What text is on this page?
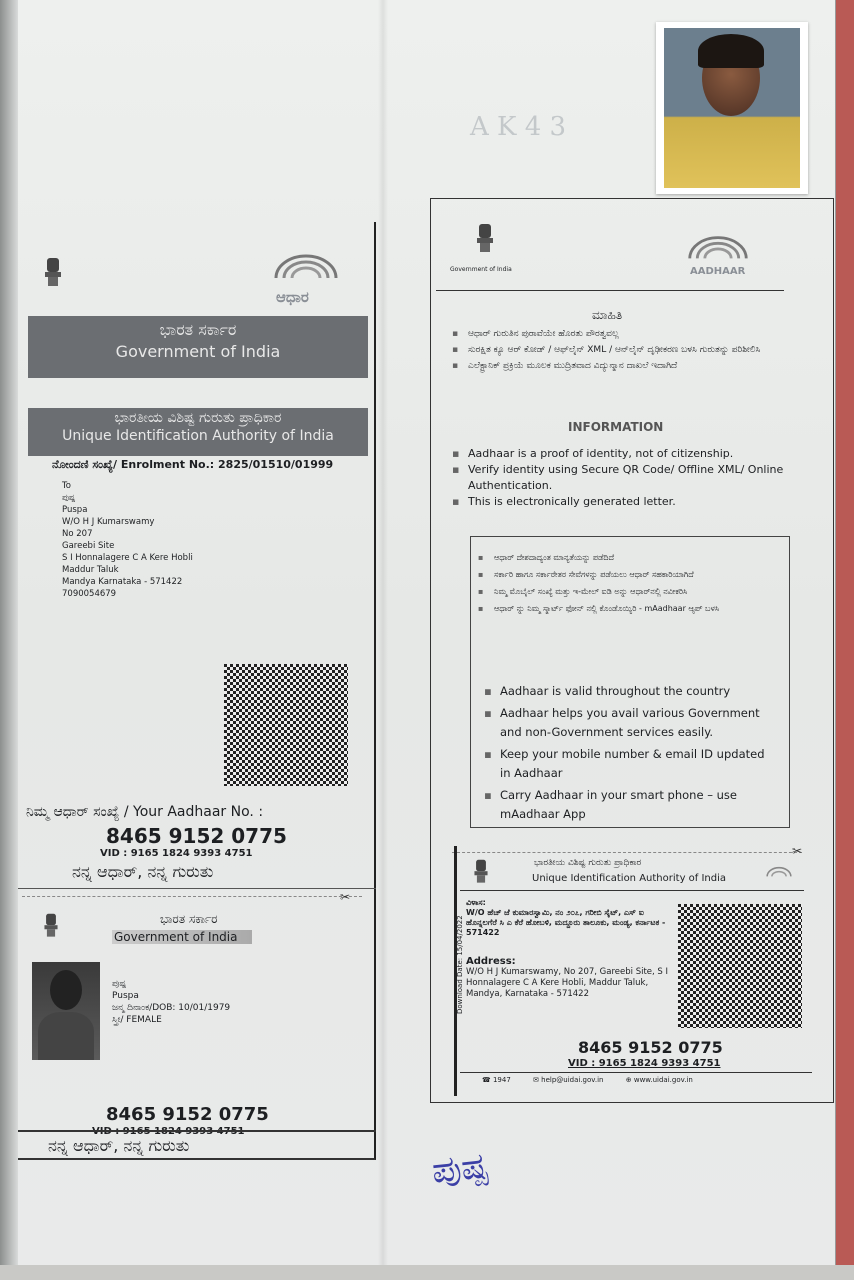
A K 4 3
ಆಧಾರ
ಭಾರತ ಸರ್ಕಾರ
Government of India
ಭಾರತೀಯ ವಿಶಿಷ್ಟ ಗುರುತು ಪ್ರಾಧಿಕಾರ
Unique Identification Authority of India
ನೋಂದಣಿ ಸಂಖ್ಯೆ/ Enrolment No.: 2825/01510/01999
To
ಪುಷ್ಪ
Puspa
W/O H J Kumarswamy
No 207
Gareebi Site
S I Honnalagere C A Kere Hobli
Maddur Taluk
Mandya Karnataka - 571422
7090054679
ನಿಮ್ಮ ಆಧಾರ್ ಸಂಖ್ಯೆ / Your Aadhaar No. :
8465 9152 0775
VID : 9165 1824 9393 4751
ನನ್ನ ಆಧಾರ್, ನನ್ನ ಗುರುತು
✂
ಭಾರತ ಸರ್ಕಾರ
Government of India
ಪುಷ್ಪ
Puspa
ಜನ್ಮ ದಿನಾಂಕ/DOB: 10/01/1979
ಸ್ತ್ರೀ/ FEMALE
8465 9152 0775
VID : 9165 1824 9393 4751
ನನ್ನ ಆಧಾರ್, ನನ್ನ ಗುರುತು
Government of India	AADHAAR
ಮಾಹಿತಿ
▪ ಆಧಾರ್ ಗುರುತಿನ ಪುರಾವೆಯೇ ಹೊರತು ಪೌರತ್ವವಲ್ಲ
▪ ಸುರಕ್ಷಿತ ಕ್ಯೂ ಆರ್ ಕೋಡ್ / ಆಫ್‌ಲೈನ್ XML / ಆನ್‌ಲೈನ್ ದೃಢೀಕರಣ ಬಳಸಿ ಗುರುತನ್ನು ಪರಿಶೀಲಿಸಿ
▪ ಎಲೆಕ್ಟ್ರಾನಿಕ್ ಪ್ರಕ್ರಿಯೆ ಮೂಲಕ ಮುದ್ರಿತವಾದ ವಿದ್ಯುನ್ಮಾನ ದಾಖಲೆ ಇದಾಗಿದೆ
INFORMATION
▪ Aadhaar is a proof of identity, not of citizenship.
▪ Verify identity using Secure QR Code/ Offline XML/ Online Authentication.
▪ This is electronically generated letter.
▪ ಆಧಾರ್ ದೇಶದಾದ್ಯಂತ ಮಾನ್ಯತೆಯನ್ನು ಪಡೆದಿದೆ
▪ ಸರ್ಕಾರಿ ಹಾಗೂ ಸರ್ಕಾರೇತರ ಸೇವೆಗಳನ್ನು ಪಡೆಯಲು ಆಧಾರ್ ಸಹಕಾರಿಯಾಗಿದೆ
▪ ನಿಮ್ಮ ಮೊಬೈಲ್ ಸಂಖ್ಯೆ ಮತ್ತು ಇ-ಮೇಲ್ ಐಡಿ ಅನ್ನು ಆಧಾರ್‌ನಲ್ಲಿ ನವೀಕರಿಸಿ
▪ ಆಧಾರ್ ನ್ನು ನಿಮ್ಮ ಸ್ಮಾರ್ಟ್ ಫೋನ್ ನಲ್ಲಿ ಕೊಂಡೊಯ್ಯಿರಿ - mAadhaar ಆ್ಯಪ್ ಬಳಸಿ
▪ Aadhaar is valid throughout the country
▪ Aadhaar helps you avail various Government and non-Government services easily.
▪ Keep your mobile number & email ID updated in Aadhaar
▪ Carry Aadhaar in your smart phone – use mAadhaar App
✂
ಭಾರತೀಯ ವಿಶಿಷ್ಟ ಗುರುತು ಪ್ರಾಧಿಕಾರ
Unique Identification Authority of India
Download Date: 15/04/2022
ವಿಳಾಸ:
W/O ಹೆಚ್ ಜೆ ಕುಮಾರಸ್ವಾಮಿ, ನಂ ೨೦೭, ಗರೀಬಿ ಸೈಟ್, ಎಸ್ ಐ ಹೊನ್ನಲಗೆರೆ ಸಿ ಎ ಕೆರೆ ಹೋಬಳಿ, ಮದ್ದೂರು ತಾಲೂಕು, ಮಂಡ್ಯ, ಕರ್ನಾಟಕ - 571422
Address:
W/O H J Kumarswamy, No 207, Gareebi Site, S I Honnalagere C A Kere Hobli, Maddur Taluk, Mandya, Karnataka - 571422
8465 9152 0775
VID : 9165 1824 9393 4751
☎ 1947	✉ help@uidai.gov.in	⊕ www.uidai.gov.in
ಪುಷ್ಪ
